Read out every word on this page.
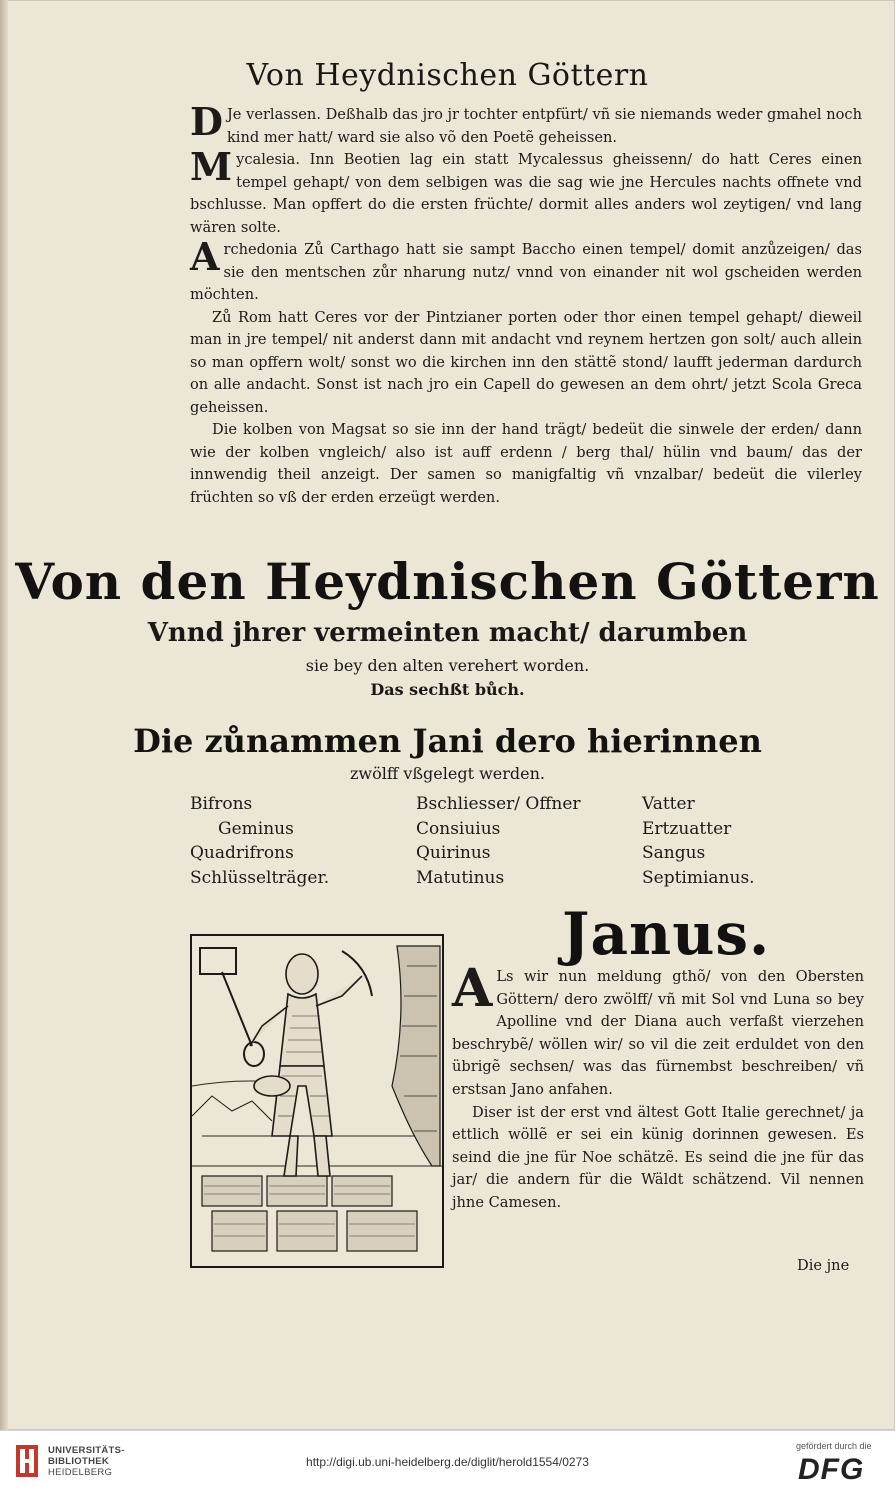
Von Heydnischen Göttern

D Je verlassen. Deßhalb das jro jr tochter entpfürt/ vñ sie niemands weder gmahel noch kind mer hatt/ ward sie also võ den Poetẽ geheissen.

M ycalesia. Inn Beotien lag ein statt Mycalessus gheissenn/ do hatt Ceres einen tempel gehapt/ von dem selbigen was die sag wie jne Hercules nachts offnete vnd bschlusse. Man opffert do die ersten früchte/ dormit alles anders wol zeytigen/ vnd lang wären solte.

A rchedonia Zů Carthago hatt sie sampt Baccho einen tempel/ domit anzůzeigen/ das sie den mentschen zůr nharung nutz/ vnnd von einander nit wol gscheiden werden möchten.

Zů Rom hatt Ceres vor der Pintzianer porten oder thor einen tempel gehapt/ dieweil man in jre tempel/ nit anderst dann mit andacht vnd reynem hertzen gon solt/ auch allein so man opffern wolt/ sonst wo die kirchen inn den stättẽ stond/ laufft jederman dardurch on alle andacht. Sonst ist nach jro ein Capell do gewesen an dem ohrt/ jetzt Scola Greca geheissen.

Die kolben von Magsat so sie inn der hand trägt/ bedeüt die sinwele der erden/ dann wie der kolben vngleich/ also ist auff erdenn / berg thal/ hülin vnd baum/ das der innwendig theil anzeigt. Der samen so manigfaltig vñ vnzalbar/ bedeüt die vilerley früchten so vß der erden erzeügt werden.

Von den Heydnischen Göttern
Vnnd jhrer vermeinten macht/ darumben
sie bey den alten verehert worden.
Das sechßt bůch.
Die zůnammen Jani dero hierinnen
zwölff vßgelegt werden.
Bifrons	Bschliesser/ Offner	Vatter
Geminus	Consiuius	Ertzuatter
Quadrifrons	Quirinus	Sangus
Schlüsselträger.	Matutinus	Septimianus.
Janus.

A Ls wir nun meldung gthõ/ von den Obersten Göttern/ dero zwölff/ vñ mit Sol vnd Luna so bey Apolline vnd der Diana auch verfaßt vierzehen beschrybẽ/ wöllen wir/ so vil die zeit erduldet von den übrigẽ sechsen/ was das fürnembst beschreiben/ vñ erstsan Jano anfahen.

Diser ist der erst vnd ältest Gott Italie gerechnet/ ja ettlich wöllẽ er sei ein künig dorinnen gewesen. Es seind die jne für Noe schätzẽ. Es seind die jne für das jar/ die andern für die Wäldt schätzend. Vil nennen jhne Camesen.

Die jne
UNIVERSITÄTS-
BIBLIOTHEK
HEIDELBERG
http://digi.ub.uni-heidelberg.de/diglit/herold1554/0273
gefördert durch die
DFG
